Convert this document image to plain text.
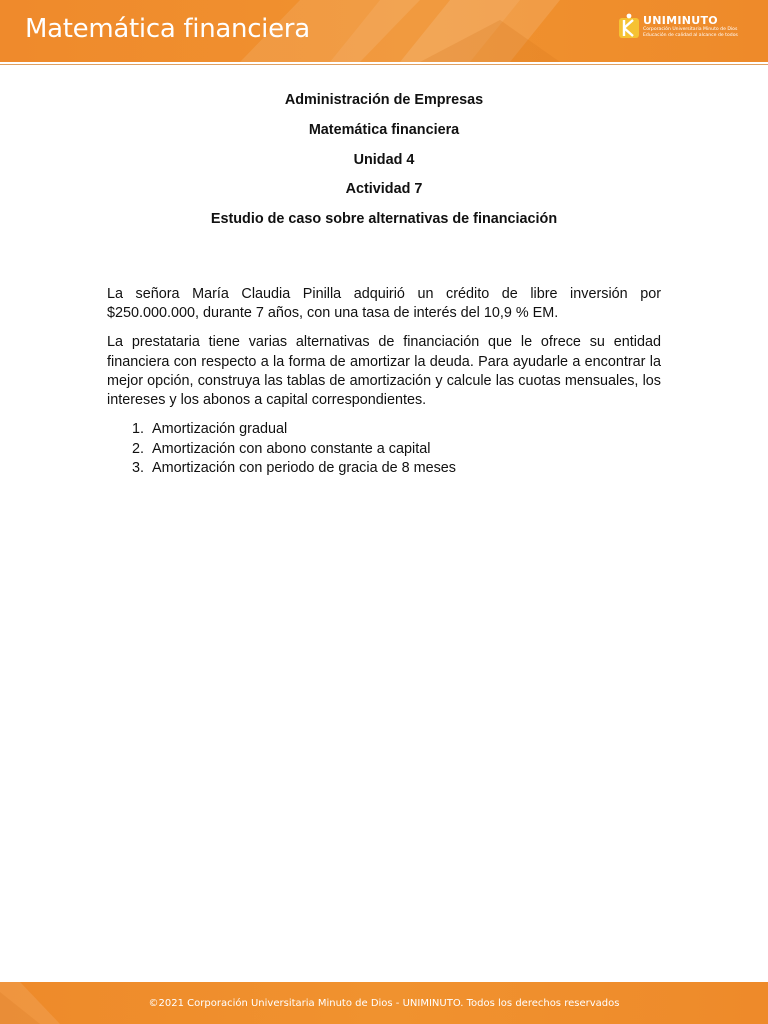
Matemática financiera	UNIMINUTO
Corporación Universitaria Minuto de Dios
Educación de calidad al alcance de todos
Administración de Empresas
Matemática financiera
Unidad 4
Actividad 7
Estudio de caso sobre alternativas de financiación

La señora María Claudia Pinilla adquirió un crédito de libre inversión por $250.000.000, durante 7 años, con una tasa de interés del 10,9 % EM.

La prestataria tiene varias alternativas de financiación que le ofrece su entidad financiera con respecto a la forma de amortizar la deuda. Para ayudarle a encontrar la mejor opción, construya las tablas de amortización y calcule las cuotas mensuales, los intereses y los abonos a capital correspondientes.

1. Amortización gradual
2. Amortización con abono constante a capital
3. Amortización con periodo de gracia de 8 meses
©2021 Corporación Universitaria Minuto de Dios - UNIMINUTO. Todos los derechos reservados
